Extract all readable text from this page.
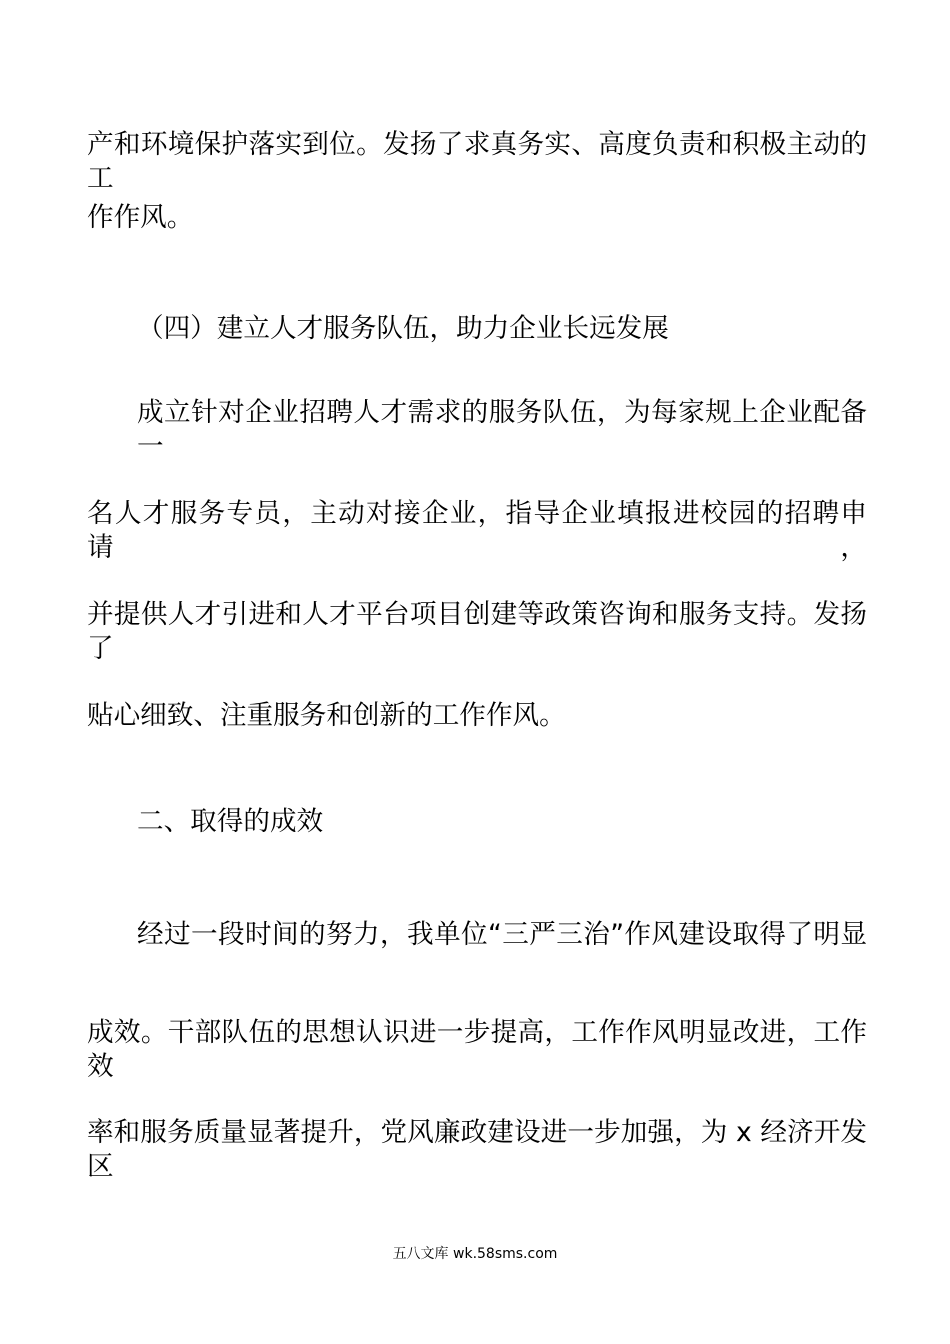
产和环境保护落实到位。发扬了求真务实、高度负责和积极主动的工

作作风。

（四）建立人才服务队伍，助力企业长远发展

成立针对企业招聘人才需求的服务队伍，为每家规上企业配备一

名人才服务专员，主动对接企业，指导企业填报进校园的招聘申请，

并提供人才引进和人才平台项目创建等政策咨询和服务支持。发扬了

贴心细致、注重服务和创新的工作作风。

二、取得的成效

经过一段时间的努力，我单位“三严三治”作风建设取得了明显

成效。干部队伍的思想认识进一步提高，工作作风明显改进，工作效

率和服务质量显著提升，党风廉政建设进一步加强，为 x 经济开发区

五八文库 wk.58sms.com
